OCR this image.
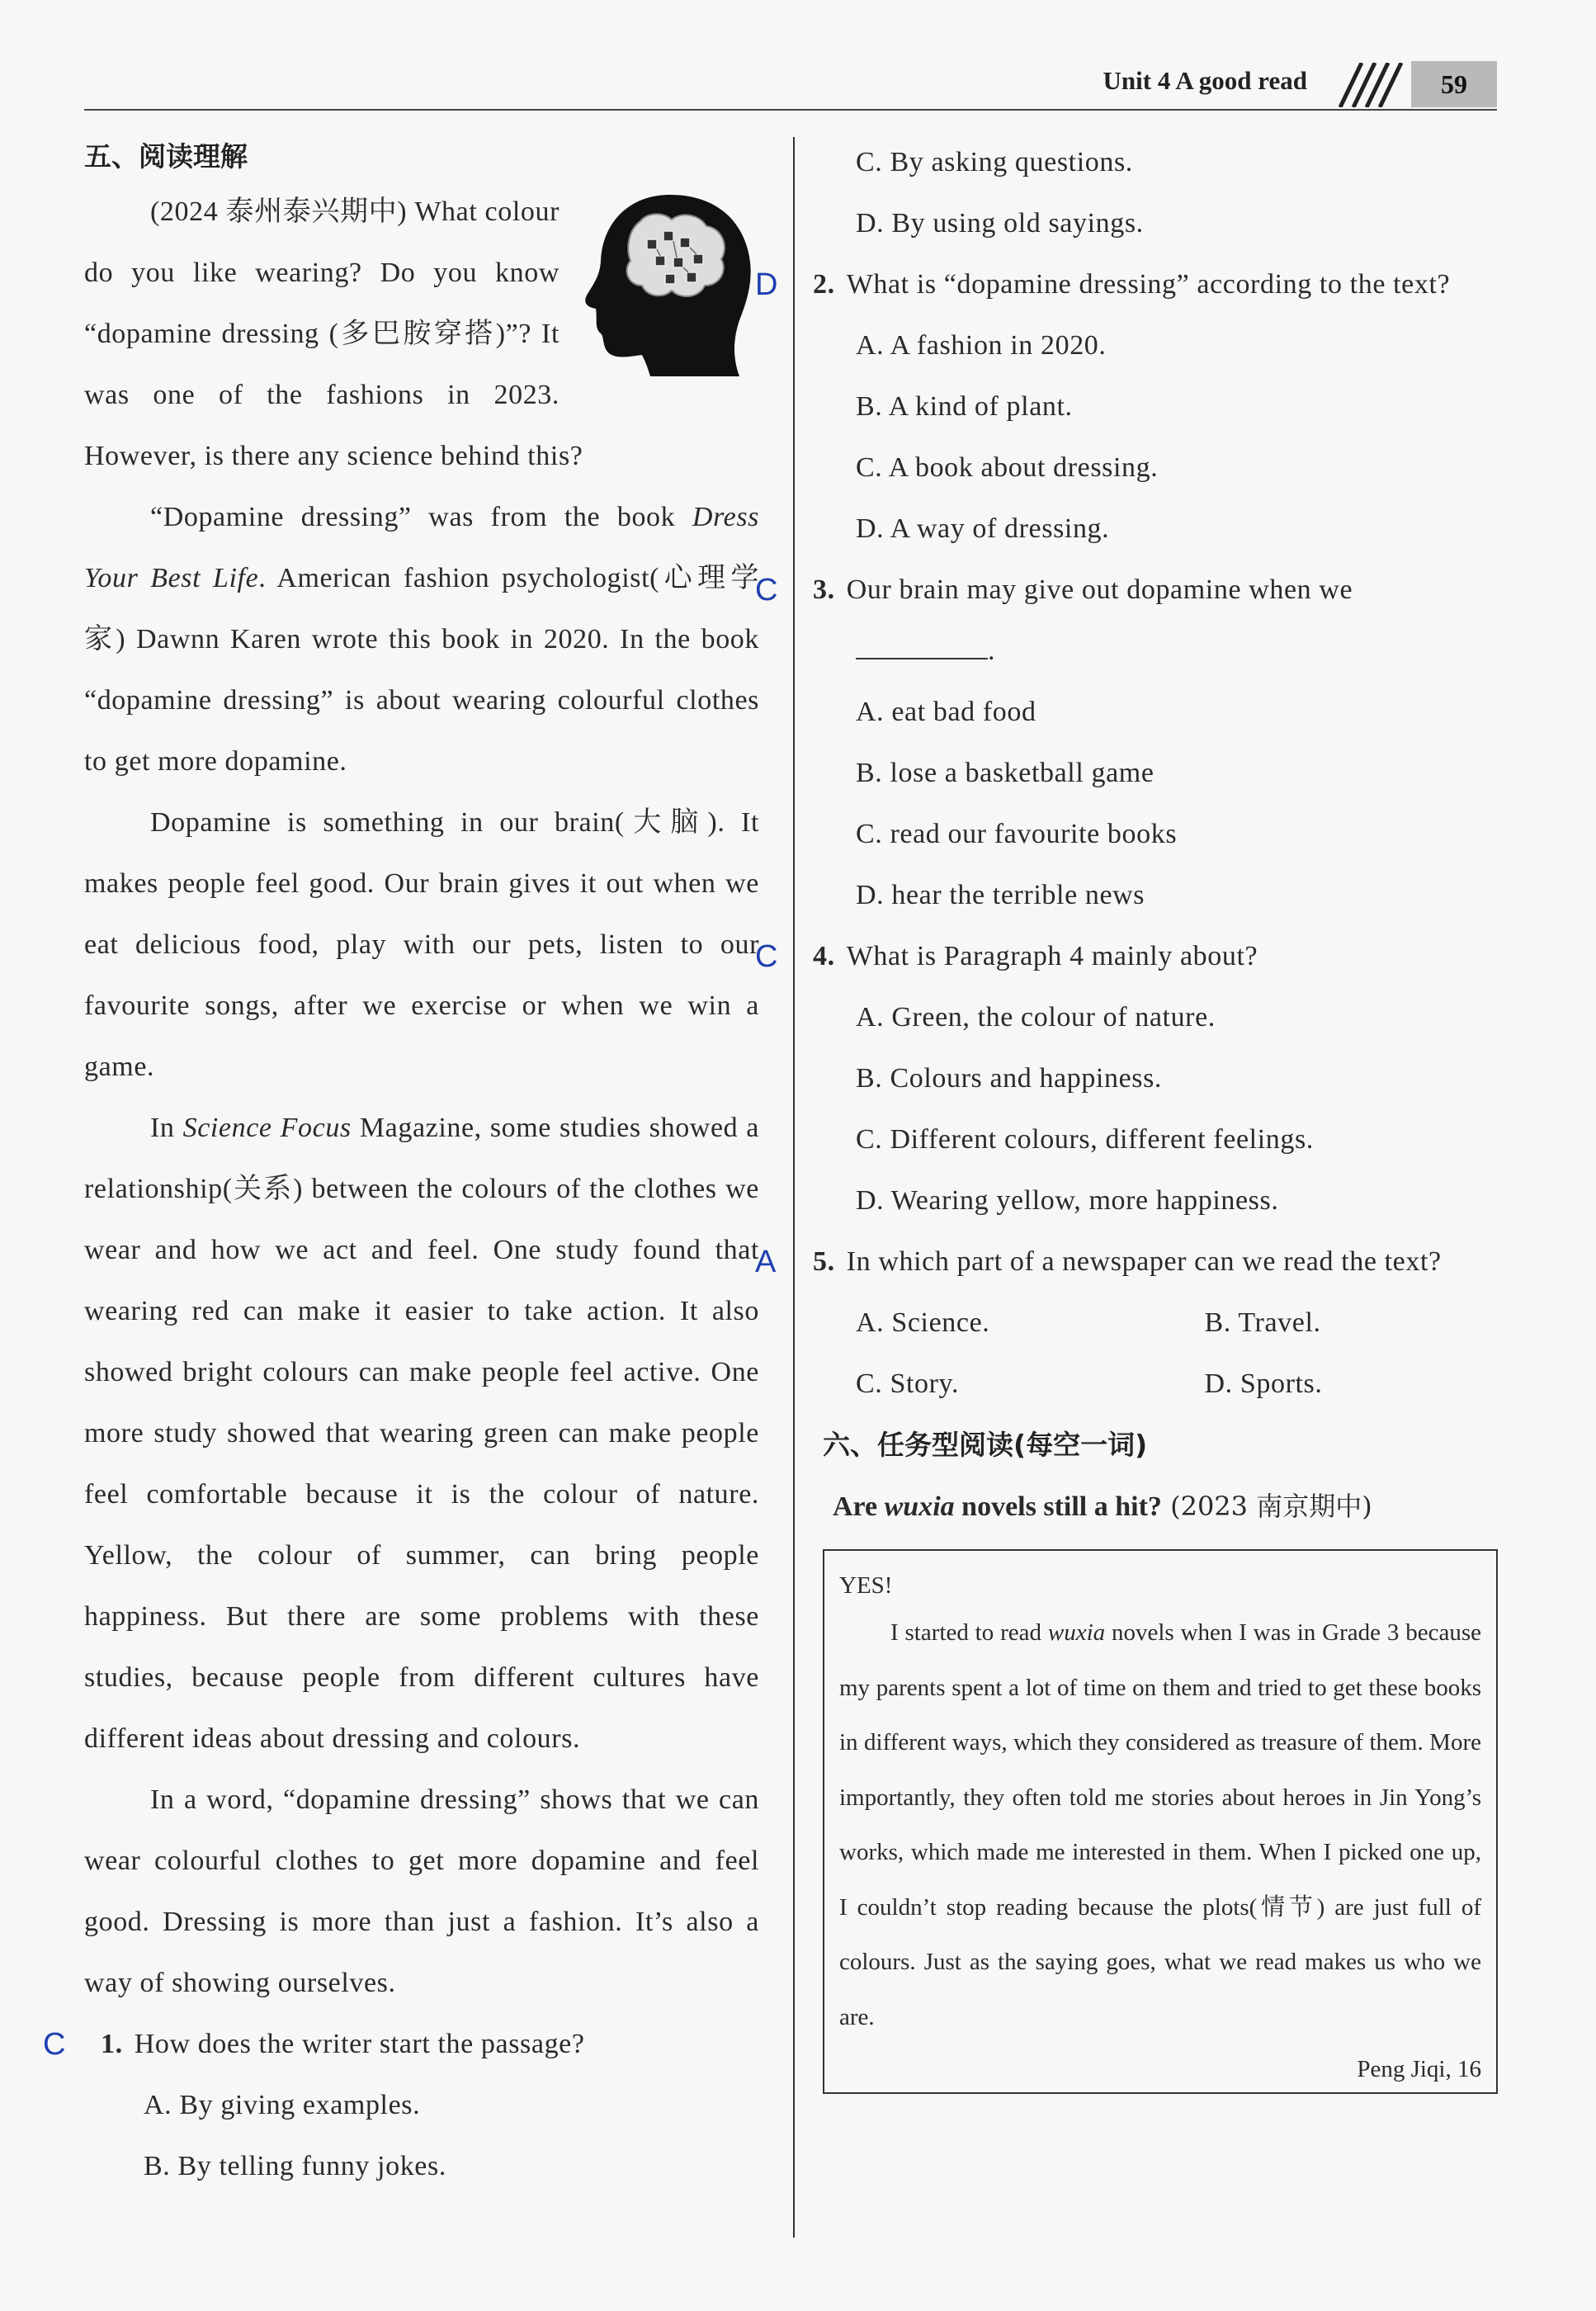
Unit 4 A good read	59
五、阅读理解

(2024 泰州泰兴期中) What colour do you like wearing? Do you know “dopamine dressing (多巴胺穿搭)”? It was one of the fashions in 2023. However, is there any science behind this?

“Dopamine dressing” was from the book Dress Your Best Life. American fashion psychologist(心理学家) Dawnn Karen wrote this book in 2020. In the book “dopamine dressing” is about wearing colourful clothes to get more dopamine.

Dopamine is something in our brain(大脑). It makes people feel good. Our brain gives it out when we eat delicious food, play with our pets, listen to our favourite songs, after we exercise or when we win a game.

In Science Focus Magazine, some studies showed a relationship(关系) between the colours of the clothes we wear and how we act and feel. One study found that wearing red can make it easier to take action. It also showed bright colours can make people feel active. One more study showed that wearing green can make people feel comfortable because it is the colour of nature. Yellow, the colour of summer, can bring people happiness. But there are some problems with these studies, because people from different cultures have different ideas about dressing and colours.

In a word, “dopamine dressing” shows that we can wear colourful clothes to get more dopamine and feel good. Dressing is more than just a fashion. It’s also a way of showing ourselves.

C 1. How does the writer start the passage?
A. By giving examples.
B. By telling funny jokes.
C. By asking questions.
D. By using old sayings.
D 2. What is “dopamine dressing” according to the text?
A. A fashion in 2020.
B. A kind of plant.
C. A book about dressing.
D. A way of dressing.
C 3. Our brain may give out dopamine when we
.
A. eat bad food
B. lose a basketball game
C. read our favourite books
D. hear the terrible news
C 4. What is Paragraph 4 mainly about?
A. Green, the colour of nature.
B. Colours and happiness.
C. Different colours, different feelings.
D. Wearing yellow, more happiness.
A 5. In which part of a newspaper can we read the text?
A. Science.	B. Travel.
C. Story.	D. Sports.
六、任务型阅读(每空一词)

Are wuxia novels still a hit? (2023 南京期中)

YES!

I started to read wuxia novels when I was in Grade 3 because my parents spent a lot of time on them and tried to get these books in different ways, which they considered as treasure of them. More importantly, they often told me stories about heroes in Jin Yong’s works, which made me interested in them. When I picked one up, I couldn’t stop reading because the plots(情节) are just full of colours. Just as the saying goes, what we read makes us who we are.

Peng Jiqi, 16
